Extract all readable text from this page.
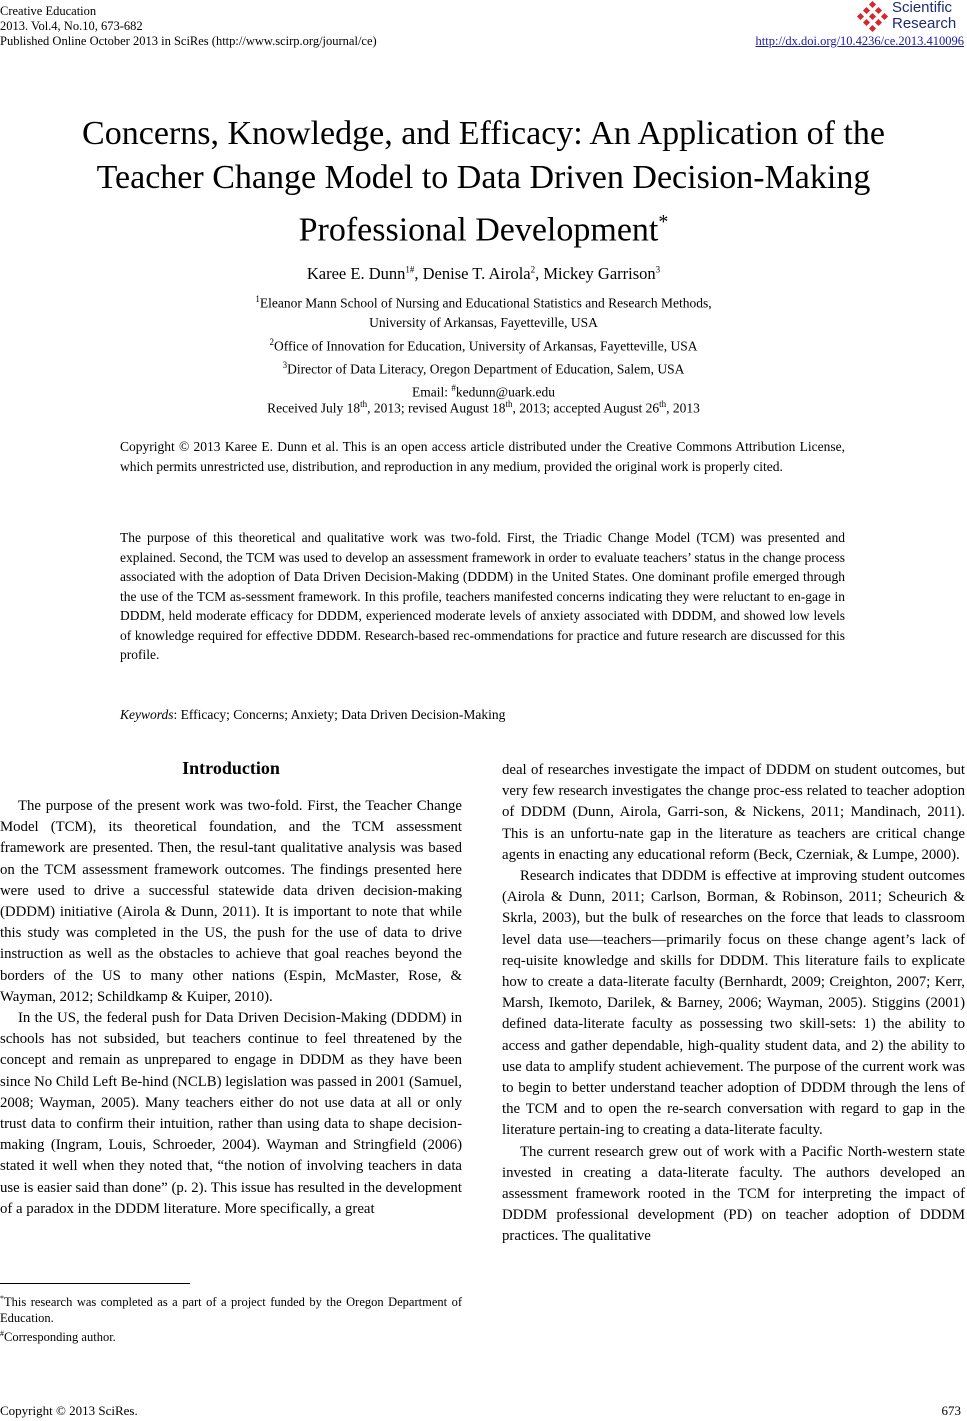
Creative Education
2013. Vol.4, No.10, 673-682
Published Online October 2013 in SciRes (http://www.scirp.org/journal/ce)
Scientific
Research
http://dx.doi.org/10.4236/ce.2013.410096
Concerns, Knowledge, and Efficacy: An Application of the Teacher Change Model to Data Driven Decision-Making Professional Development*
Karee E. Dunn$^{1\#}$, Denise T. Airola$^2$, Mickey Garrison$^3$
$^1$Eleanor Mann School of Nursing and Educational Statistics and Research Methods,
University of Arkansas, Fayetteville, USA
$^2$Office of Innovation for Education, University of Arkansas, Fayetteville, USA
$^3$Director of Data Literacy, Oregon Department of Education, Salem, USA
Email: #kedunn@uark.edu
Received July 18th, 2013; revised August 18th, 2013; accepted August 26th, 2013
Copyright © 2013 Karee E. Dunn et al. This is an open access article distributed under the Creative Commons Attribution License, which permits unrestricted use, distribution, and reproduction in any medium, provided the original work is properly cited.
The purpose of this theoretical and qualitative work was two-fold. First, the Triadic Change Model (TCM) was presented and explained. Second, the TCM was used to develop an assessment framework in order to evaluate teachers’ status in the change process associated with the adoption of Data Driven Decision-Making (DDDM) in the United States. One dominant profile emerged through the use of the TCM as-sessment framework. In this profile, teachers manifested concerns indicating they were reluctant to en-gage in DDDM, held moderate efficacy for DDDM, experienced moderate levels of anxiety associated with DDDM, and showed low levels of knowledge required for effective DDDM. Research-based rec-ommendations for practice and future research are discussed for this profile.
Keywords: Efficacy; Concerns; Anxiety; Data Driven Decision-Making
Introduction

The purpose of the present work was two-fold. First, the Teacher Change Model (TCM), its theoretical foundation, and the TCM assessment framework are presented. Then, the resul-tant qualitative analysis was based on the TCM assessment framework outcomes. The findings presented here were used to drive a successful statewide data driven decision-making (DDDM) initiative (Airola & Dunn, 2011). It is important to note that while this study was completed in the US, the push for the use of data to drive instruction as well as the obstacles to achieve that goal reaches beyond the borders of the US to many other nations (Espin, McMaster, Rose, & Wayman, 2012; Schildkamp & Kuiper, 2010).

In the US, the federal push for Data Driven Decision-Making (DDDM) in schools has not subsided, but teachers continue to feel threatened by the concept and remain as unprepared to engage in DDDM as they have been since No Child Left Be-hind (NCLB) legislation was passed in 2001 (Samuel, 2008; Wayman, 2005). Many teachers either do not use data at all or only trust data to confirm their intuition, rather than using data to shape decision-making (Ingram, Louis, Schroeder, 2004). Wayman and Stringfield (2006) stated it well when they noted that, “the notion of involving teachers in data use is easier said than done” (p. 2). This issue has resulted in the development of a paradox in the DDDM literature. More specifically, a great

*This research was completed as a part of a project funded by the Oregon Department of Education.
#Corresponding author.

deal of researches investigate the impact of DDDM on student outcomes, but very few research investigates the change proc-ess related to teacher adoption of DDDM (Dunn, Airola, Garri-son, & Nickens, 2011; Mandinach, 2011). This is an unfortu-nate gap in the literature as teachers are critical change agents in enacting any educational reform (Beck, Czerniak, & Lumpe, 2000).

Research indicates that DDDM is effective at improving student outcomes (Airola & Dunn, 2011; Carlson, Borman, & Robinson, 2011; Scheurich & Skrla, 2003), but the bulk of researches on the force that leads to classroom level data use—teachers—primarily focus on these change agent’s lack of req-uisite knowledge and skills for DDDM. This literature fails to explicate how to create a data-literate faculty (Bernhardt, 2009; Creighton, 2007; Kerr, Marsh, Ikemoto, Darilek, & Barney, 2006; Wayman, 2005). Stiggins (2001) defined data-literate faculty as possessing two skill-sets: 1) the ability to access and gather dependable, high-quality student data, and 2) the ability to use data to amplify student achievement. The purpose of the current work was to begin to better understand teacher adoption of DDDM through the lens of the TCM and to open the re-search conversation with regard to gap in the literature pertain-ing to creating a data-literate faculty.

The current research grew out of work with a Pacific North-western state invested in creating a data-literate faculty. The authors developed an assessment framework rooted in the TCM for interpreting the impact of DDDM professional development (PD) on teacher adoption of DDDM practices. The qualitative

Copyright © 2013 SciRes.	673
